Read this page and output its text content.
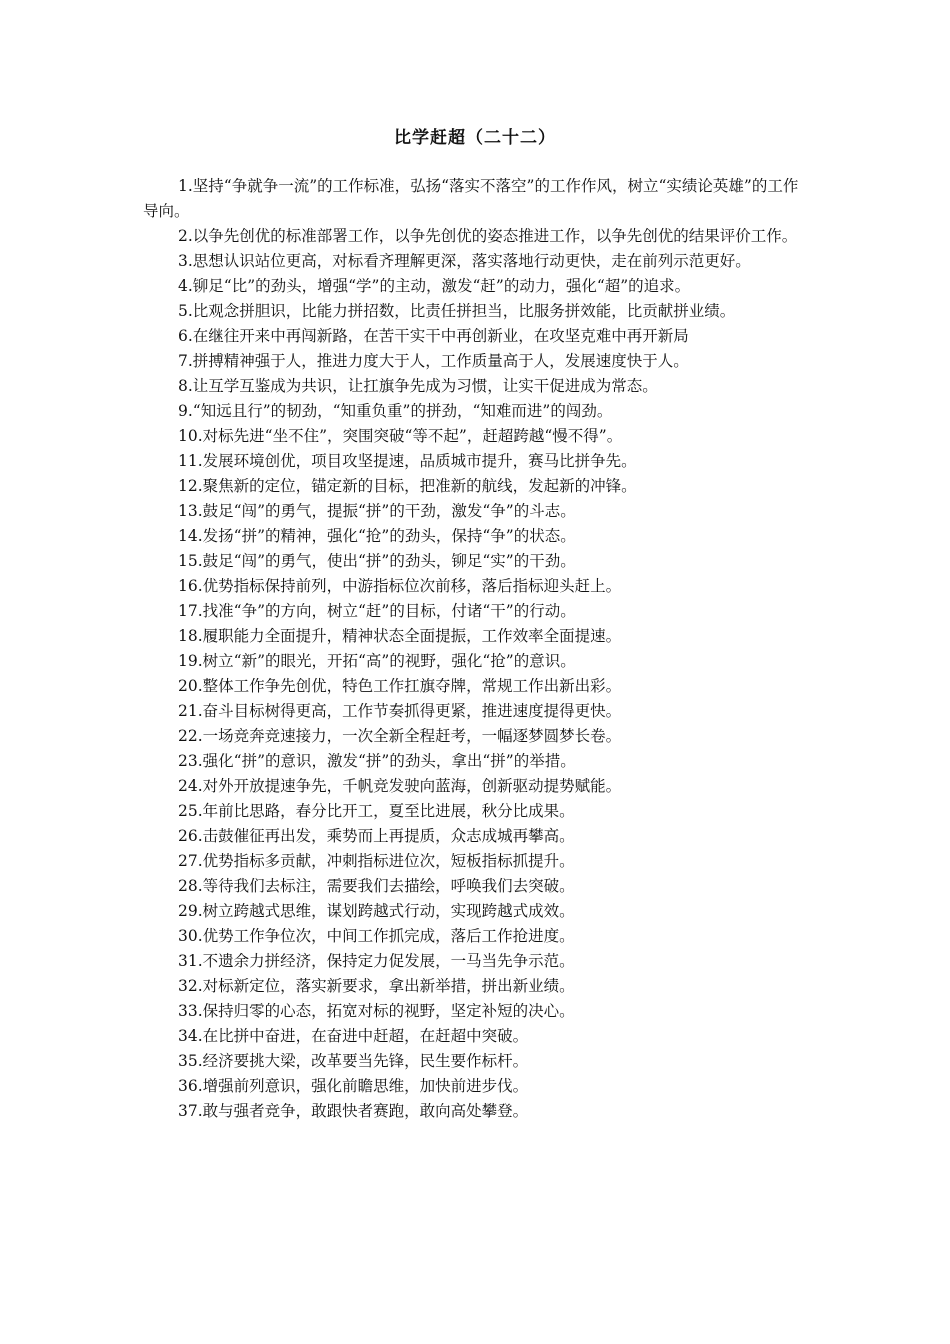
比学赶超（二十二）
1.坚持“争就争一流”的工作标准，弘扬“落实不落空”的工作作风，树立“实绩论英雄”的工作导向。
2.以争先创优的标准部署工作，以争先创优的姿态推进工作，以争先创优的结果评价工作。
3.思想认识站位更高，对标看齐理解更深，落实落地行动更快，走在前列示范更好。
4.铆足“比”的劲头，增强“学”的主动，激发“赶”的动力，强化“超”的追求。
5.比观念拼胆识，比能力拼招数，比责任拼担当，比服务拼效能，比贡献拼业绩。
6.在继往开来中再闯新路，在苦干实干中再创新业，在攻坚克难中再开新局
7.拼搏精神强于人，推进力度大于人，工作质量高于人，发展速度快于人。
8.让互学互鉴成为共识，让扛旗争先成为习惯，让实干促进成为常态。
9.“知远且行”的韧劲，“知重负重”的拼劲，“知难而进”的闯劲。
10.对标先进“坐不住”，突围突破“等不起”，赶超跨越“慢不得”。
11.发展环境创优，项目攻坚提速，品质城市提升，赛马比拼争先。
12.聚焦新的定位，锚定新的目标，把准新的航线，发起新的冲锋。
13.鼓足“闯”的勇气，提振“拼”的干劲，激发“争”的斗志。
14.发扬“拼”的精神，强化“抢”的劲头，保持“争”的状态。
15.鼓足“闯”的勇气，使出“拼”的劲头，铆足“实”的干劲。
16.优势指标保持前列，中游指标位次前移，落后指标迎头赶上。
17.找准“争”的方向，树立“赶”的目标，付诸“干”的行动。
18.履职能力全面提升，精神状态全面提振，工作效率全面提速。
19.树立“新”的眼光，开拓“高”的视野，强化“抢”的意识。
20.整体工作争先创优，特色工作扛旗夺牌，常规工作出新出彩。
21.奋斗目标树得更高，工作节奏抓得更紧，推进速度提得更快。
22.一场竞奔竞速接力，一次全新全程赶考，一幅逐梦圆梦长卷。
23.强化“拼”的意识，激发“拼”的劲头，拿出“拼”的举措。
24.对外开放提速争先，千帆竞发驶向蓝海，创新驱动提势赋能。
25.年前比思路，春分比开工，夏至比进展，秋分比成果。
26.击鼓催征再出发，乘势而上再提质，众志成城再攀高。
27.优势指标多贡献，冲刺指标进位次，短板指标抓提升。
28.等待我们去标注，需要我们去描绘，呼唤我们去突破。
29.树立跨越式思维，谋划跨越式行动，实现跨越式成效。
30.优势工作争位次，中间工作抓完成，落后工作抢进度。
31.不遗余力拼经济，保持定力促发展，一马当先争示范。
32.对标新定位，落实新要求，拿出新举措，拼出新业绩。
33.保持归零的心态，拓宽对标的视野，坚定补短的决心。
34.在比拼中奋进，在奋进中赶超，在赶超中突破。
35.经济要挑大梁，改革要当先锋，民生要作标杆。
36.增强前列意识，强化前瞻思维，加快前进步伐。
37.敢与强者竞争，敢跟快者赛跑，敢向高处攀登。
